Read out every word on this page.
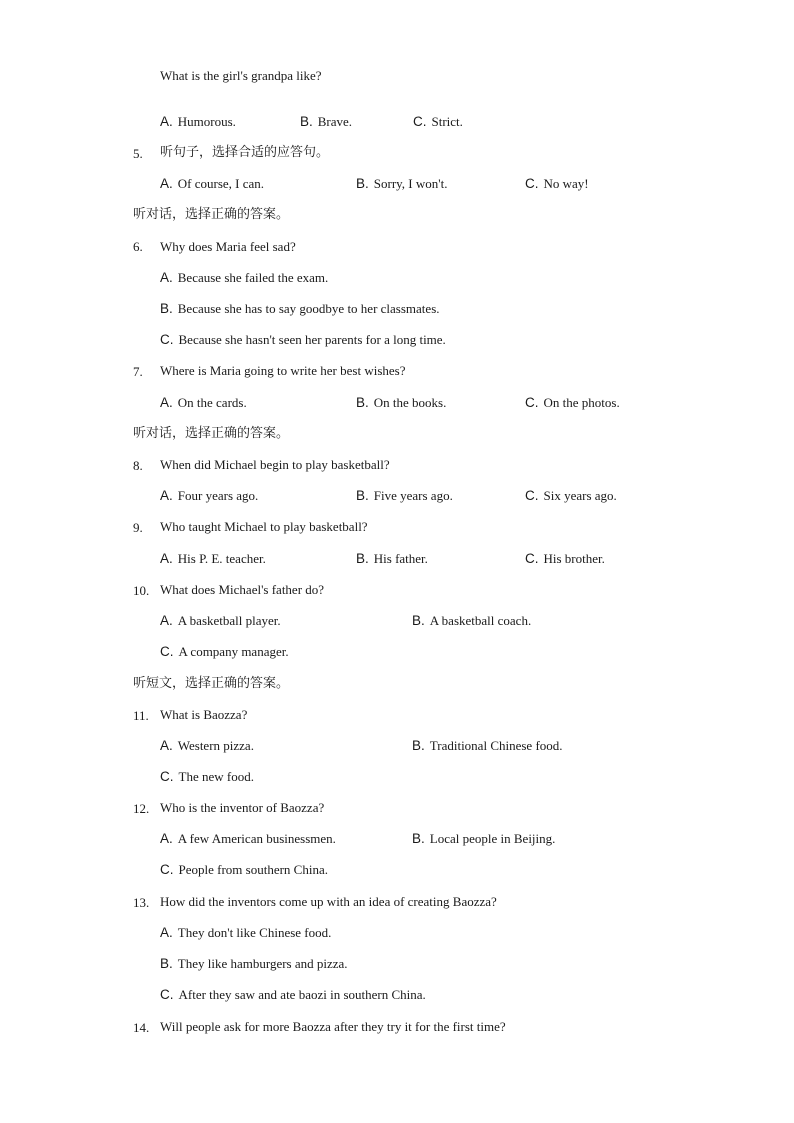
What is the girl's grandpa like?
A. Humorous.	B. Brave.	C. Strict.
5. 听句子，选择合适的应答句。
A. Of course, I can.	B. Sorry, I won't.	C. No way!
听对话，选择正确的答案。
6. Why does Maria feel sad?
A. Because she failed the exam.
B. Because she has to say goodbye to her classmates.
C. Because she hasn't seen her parents for a long time.
7. Where is Maria going to write her best wishes?
A. On the cards.	B. On the books.	C. On the photos.
听对话，选择正确的答案。
8. When did Michael begin to play basketball?
A. Four years ago.	B. Five years ago.	C. Six years ago.
9. Who taught Michael to play basketball?
A. His P. E. teacher.	B. His father.	C. His brother.
10. What does Michael's father do?
A. A basketball player.	B. A basketball coach.
C. A company manager.
听短文，选择正确的答案。
11. What is Baozza?
A. Western pizza.	B. Traditional Chinese food.
C. The new food.
12. Who is the inventor of Baozza?
A. A few American businessmen.	B. Local people in Beijing.
C. People from southern China.
13. How did the inventors come up with an idea of creating Baozza?
A. They don't like Chinese food.
B. They like hamburgers and pizza.
C. After they saw and ate baozi in southern China.
14. Will people ask for more Baozza after they try it for the first time?
